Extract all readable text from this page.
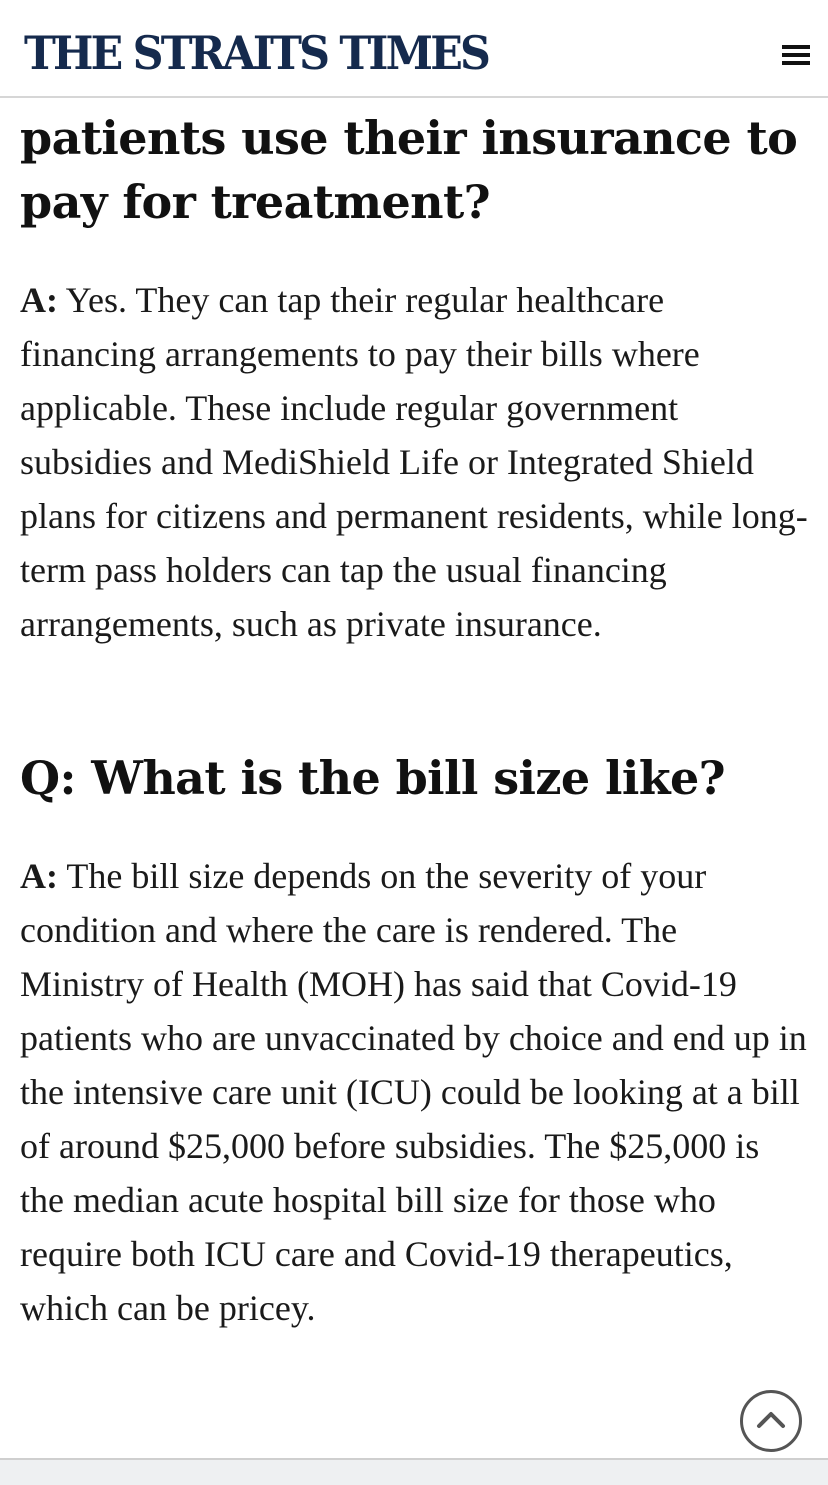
THE STRAITS TIMES
patients use their insurance to pay for treatment?

A: Yes. They can tap their regular healthcare financing arrangements to pay their bills where applicable. These include regular government subsidies and MediShield Life or Integrated Shield plans for citizens and permanent residents, while long-term pass holders can tap the usual financing arrangements, such as private insurance.

Q: What is the bill size like?

A: The bill size depends on the severity of your condition and where the care is rendered. The Ministry of Health (MOH) has said that Covid-19 patients who are unvaccinated by choice and end up in the intensive care unit (ICU) could be looking at a bill of around $25,000 before subsidies. The $25,000 is the median acute hospital bill size for those who require both ICU care and Covid-19 therapeutics, which can be pricey.
